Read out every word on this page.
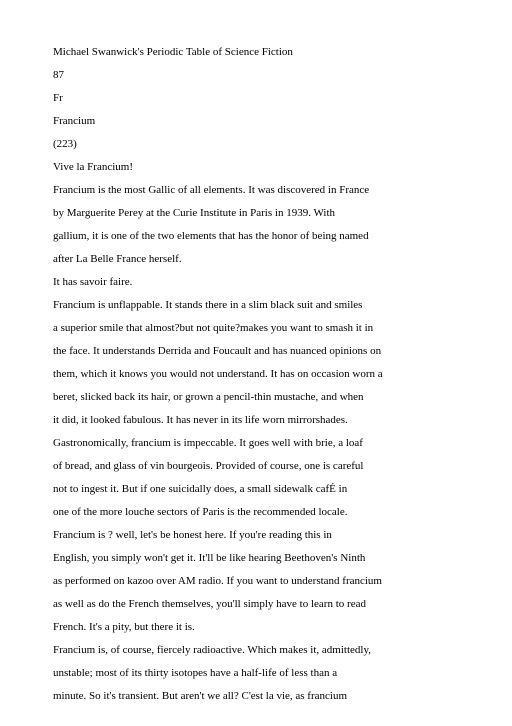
Michael Swanwick's Periodic Table of Science Fiction
87
Fr
Francium
(223)
Vive la Francium!
Francium is the most Gallic of all elements. It was discovered in France
by Marguerite Perey at the Curie Institute in Paris in 1939. With
gallium, it is one of the two elements that has the honor of being named
after La Belle France herself.
It has savoir faire.
Francium is unflappable. It stands there in a slim black suit and smiles
a superior smile that almost?but not quite?makes you want to smash it in
the face. It understands Derrida and Foucault and has nuanced opinions on
them, which it knows you would not understand. It has on occasion worn a
beret, slicked back its hair, or grown a pencil-thin mustache, and when
it did, it looked fabulous. It has never in its life worn mirrorshades.
Gastronomically, francium is impeccable. It goes well with brie, a loaf
of bread, and glass of vin bourgeois. Provided of course, one is careful
not to ingest it. But if one suicidally does, a small sidewalk cafÉ in
one of the more louche sectors of Paris is the recommended locale.
Francium is ? well, let's be honest here. If you're reading this in
English, you simply won't get it. It'll be like hearing Beethoven's Ninth
as performed on kazoo over AM radio. If you want to understand francium
as well as do the French themselves, you'll simply have to learn to read
French. It's a pity, but there it is.
Francium is, of course, fiercely radioactive. Which makes it, admittedly,
unstable; most of its thirty isotopes have a half-life of less than a
minute. So it's transient. But aren't we all? C'est la vie, as francium
